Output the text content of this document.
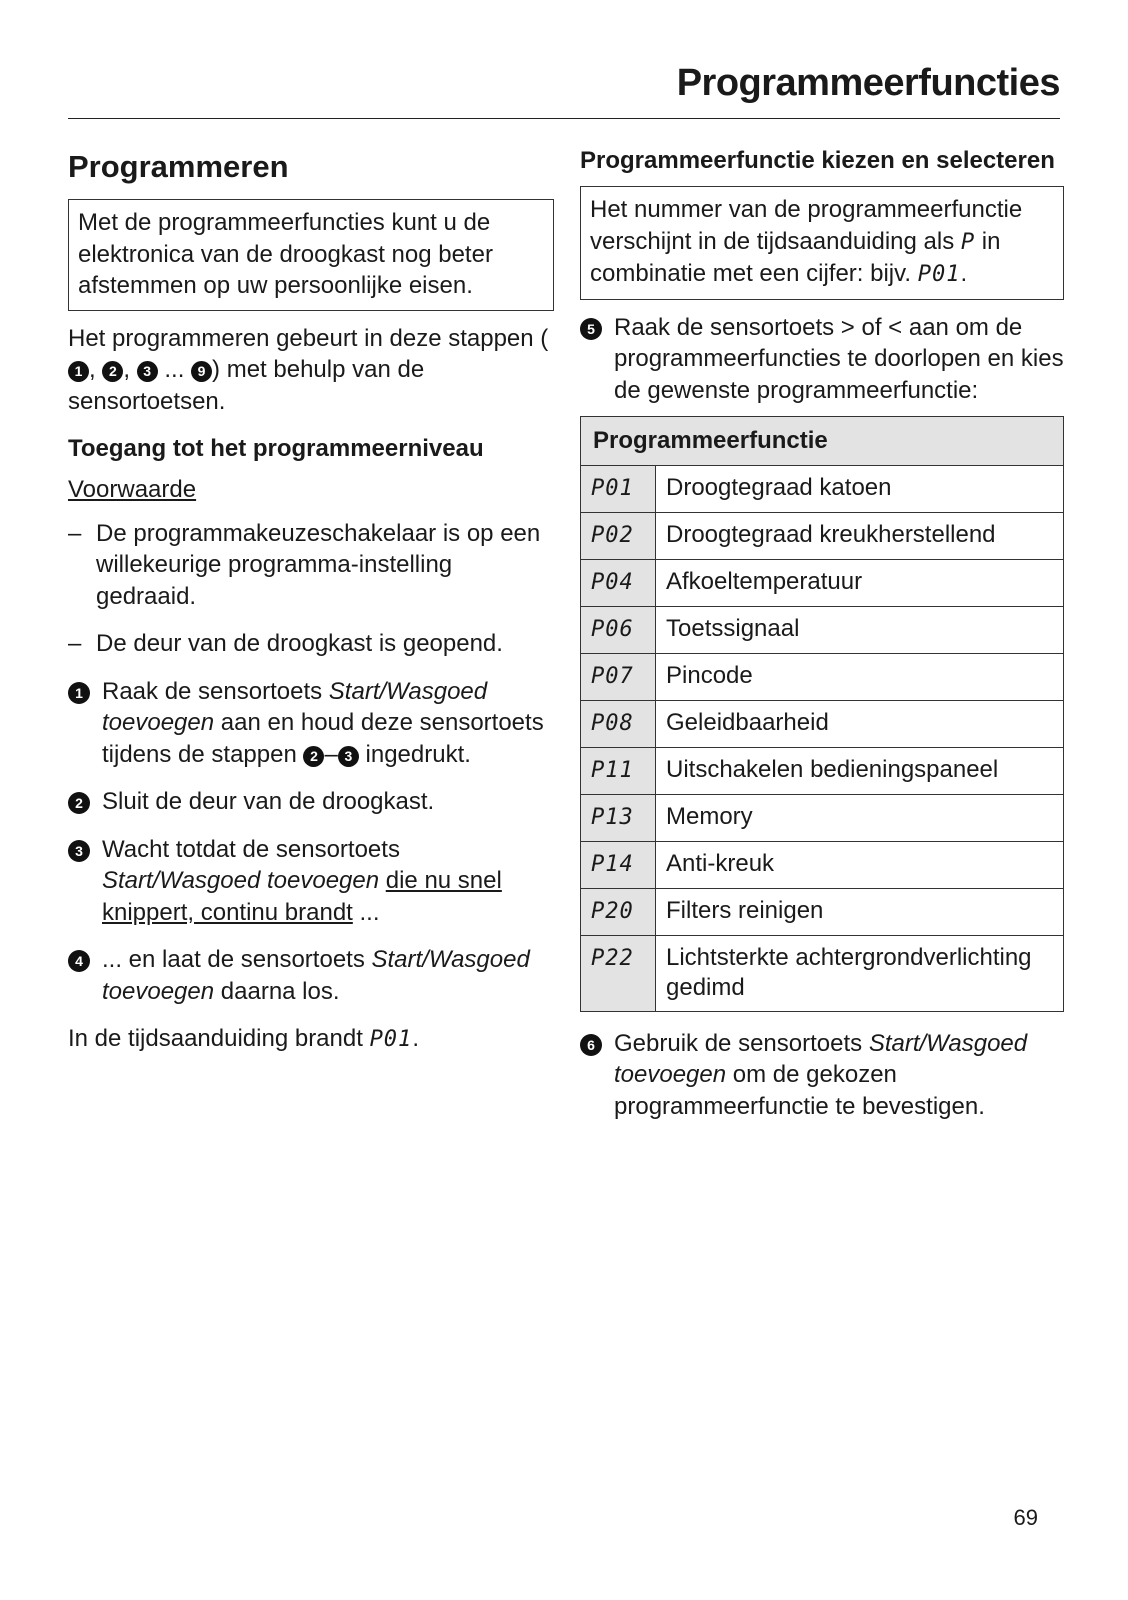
Programmeerfuncties
Programmeren
Met de programmeerfuncties kunt u de elektronica van de droogkast nog beter afstemmen op uw persoonlijke eisen.

Het programmeren gebeurt in deze stappen (1 , 2 , 3 ... 9 ) met behulp van de sensortoetsen.

Toegang tot het programmeerniveau

Voorwaarde

– De programmakeuzeschakelaar is op een willekeurige programma-instelling gedraaid.
– De deur van de droogkast is geopend.
1 Raak de sensortoets Start/Wasgoed toevoegen aan en houd deze sensortoets tijdens de stappen 2 – 3 ingedrukt.
2 Sluit de deur van de droogkast.
3 Wacht totdat de sensortoets Start/Wasgoed toevoegen die nu snel knippert, continu brandt ...
4 ... en laat de sensortoets Start/Wasgoed toevoegen daarna los.

In de tijdsaanduiding brandt P01.

Programmeerfunctie kiezen en selecteren
Het nummer van de programmeerfunctie verschijnt in de tijdsaanduiding als P in combinatie met een cijfer: bijv. P01.
5 Raak de sensortoets > of < aan om de programmeerfuncties te doorlopen en kies de gewenste programmeerfunctie:
Programmeerfunctie	
P01	Droogtegraad katoen
P02	Droogtegraad kreukherstellend
P04	Afkoeltemperatuur
P06	Toetssignaal
P07	Pincode
P08	Geleidbaarheid
P11	Uitschakelen bedieningspaneel
P13	Memory
P14	Anti-kreuk
P20	Filters reinigen
P22	Lichtsterkte achtergrondverlichting gedimd
6 Gebruik de sensortoets Start/Wasgoed toevoegen om de gekozen programmeerfunctie te bevestigen.
69
